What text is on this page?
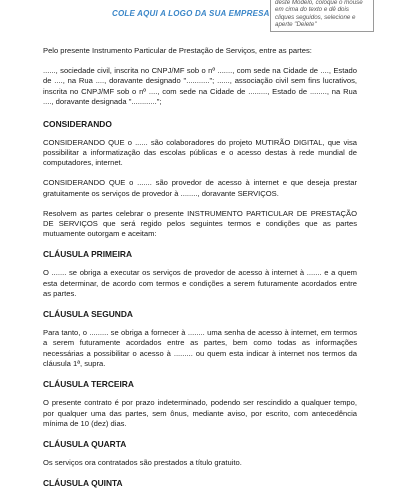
COLE AQUI A LOGO DA SUA EMPRESA
deste Modelo, coloque o mouse em cima do texto e dê dois cliques seguidos, selecione e aperte "Delete"

Pelo presente Instrumento Particular de Prestação de Serviços, entre as partes:

......, sociedade civil, inscrita no CNPJ/MF sob o nº ......., com sede na Cidade de ...., Estado de ...., na Rua ...., doravante designado "..........."; ......, associação civil sem fins lucrativos, inscrita no CNPJ/MF sob o nº ...., com sede na Cidade de ........., Estado de ........, na Rua ...., doravante designada "............";

CONSIDERANDO

CONSIDERANDO QUE o ...... são colaboradores do projeto MUTIRÃO DIGITAL, que visa possibilitar a informatização das escolas públicas e o acesso destas à rede mundial de computadores, internet.

CONSIDERANDO QUE o ....... são provedor de acesso à internet e que deseja prestar gratuitamente os serviços de provedor à ........, doravante SERVIÇOS.

Resolvem as partes celebrar o presente INSTRUMENTO PARTICULAR DE PRESTAÇÃO DE SERVIÇOS que será regido pelos seguintes termos e condições que as partes mutuamente outorgam e aceitam:

CLÁUSULA PRIMEIRA

O ....... se obriga a executar os serviços de provedor de acesso à internet à ....... e a quem esta determinar, de acordo com termos e condições a serem futuramente acordados entre as partes.

CLÁUSULA SEGUNDA

Para tanto, o ......... se obriga a fornecer à ........ uma senha de acesso à internet, em termos a serem futuramente acordados entre as partes, bem como todas as informações necessárias a possibilitar o acesso à ......... ou quem esta indicar à internet nos termos da cláusula 1ª, supra.

CLÁUSULA TERCEIRA

O presente contrato é por prazo indeterminado, podendo ser rescindido a qualquer tempo, por qualquer uma das partes, sem ônus, mediante aviso, por escrito, com antecedência mínima de 10 (dez) dias.

CLÁUSULA QUARTA

Os serviços ora contratados são prestados a título gratuito.

CLÁUSULA QUINTA
